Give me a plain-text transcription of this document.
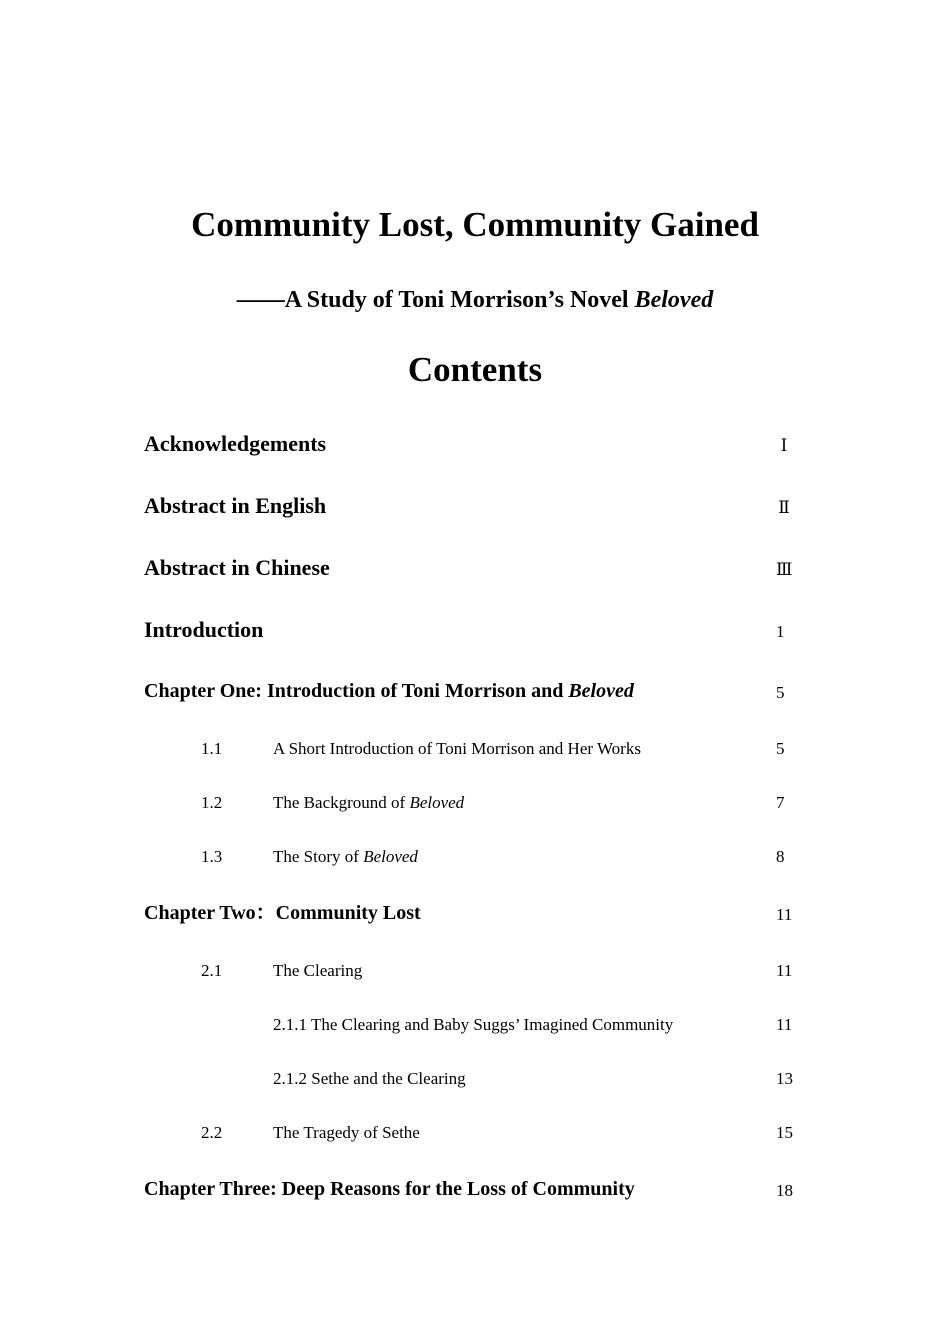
Community Lost, Community Gained
——A Study of Toni Morrison’s Novel Beloved
Contents
Acknowledgements	Ⅰ
Abstract in English	Ⅱ
Abstract in Chinese	Ⅲ
Introduction	1
Chapter One: Introduction of Toni Morrison and Beloved	5
1.1	A Short Introduction of Toni Morrison and Her Works	5
1.2	The Background of Beloved	7
1.3	The Story of Beloved	8
Chapter Two：Community Lost	11
2.1	The Clearing	11
2.1.1 The Clearing and Baby Suggs’ Imagined Community	11
2.1.2 Sethe and the Clearing	13
2.2	The Tragedy of Sethe	15
Chapter Three: Deep Reasons for the Loss of Community	18
